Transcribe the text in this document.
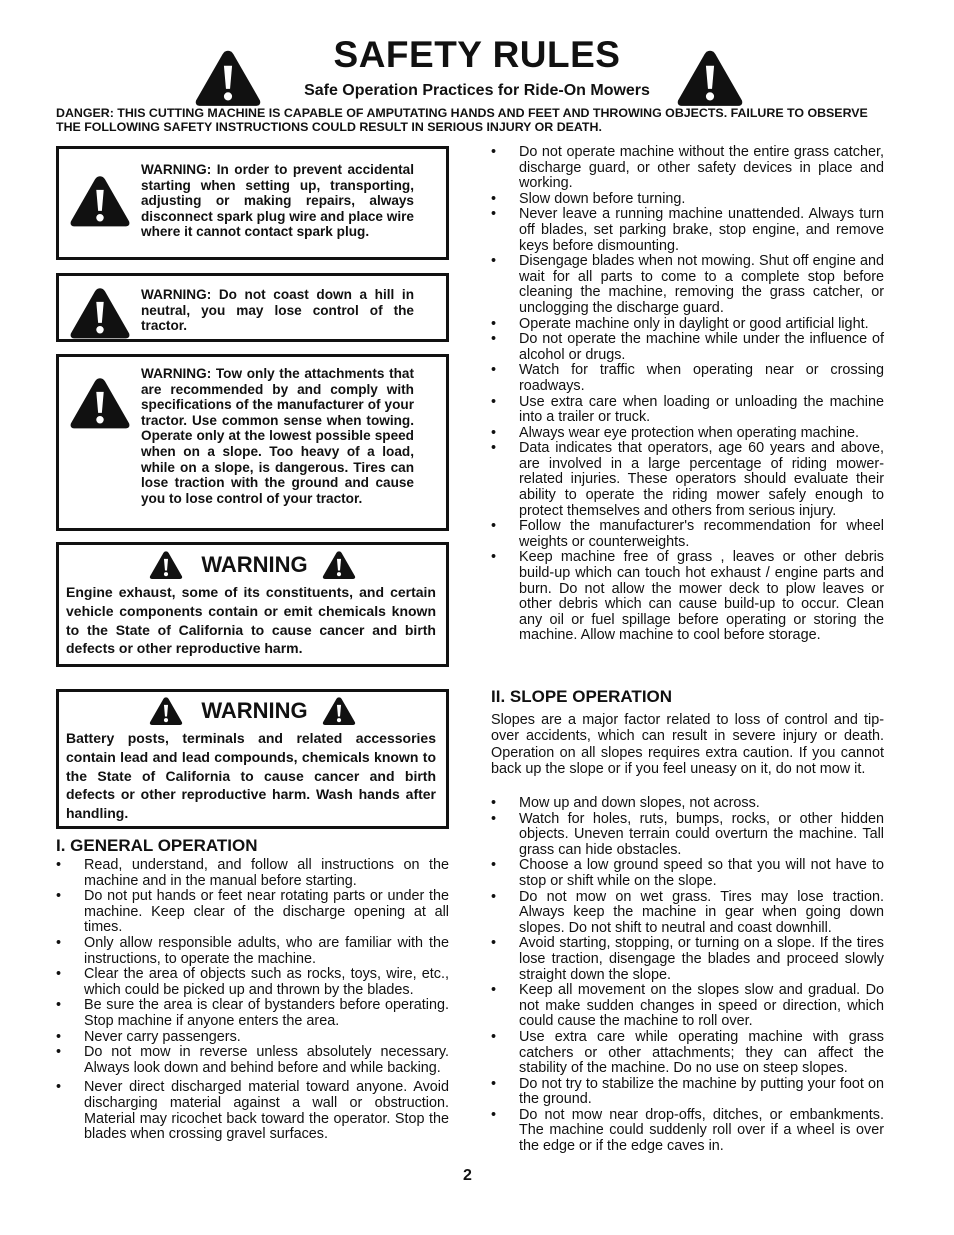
SAFETY RULES
Safe Operation Practices for Ride-On Mowers
DANGER: THIS CUTTING MACHINE IS CAPABLE OF AMPUTATING HANDS AND FEET AND THROWING OBJECTS. FAILURE TO OBSERVE THE FOLLOWING SAFETY INSTRUCTIONS COULD RESULT IN SERIOUS INJURY OR DEATH.
WARNING: In order to prevent accidental starting when setting up, transporting, adjusting or making repairs, always disconnect spark plug wire and place wire where it cannot contact spark plug.
WARNING: Do not coast down a hill in neutral, you may lose control of the tractor.
WARNING: Tow only the attachments that are recommended by and comply with specifications of the manufacturer of your tractor. Use common sense when towing. Operate only at the lowest possible speed when on a slope. Too heavy of a load, while on a slope, is dangerous. Tires can lose traction with the ground and cause you to lose control of your tractor.
WARNING
Engine exhaust, some of its constituents, and certain vehicle components contain or emit chemicals known to the State of California to cause cancer and birth defects or other reproductive harm.
WARNING
Battery posts, terminals and related accessories contain lead and lead compounds, chemicals known to the State of California to cause cancer and birth defects or other reproductive harm. Wash hands after handling.
I. GENERAL OPERATION
• Read, understand, and follow all instructions on the machine and in the manual before starting.
• Do not put hands or feet near rotating parts or under the machine. Keep clear of the discharge opening at all times.
• Only allow responsible adults, who are familiar with the instructions, to operate the machine.
• Clear the area of objects such as rocks, toys, wire, etc., which could be picked up and thrown by the blades.
• Be sure the area is clear of bystanders before operating. Stop machine if anyone enters the area.
• Never carry passengers.
• Do not mow in reverse unless absolutely necessary. Always look down and behind before and while backing.
• Never direct discharged material toward anyone. Avoid discharging material against a wall or obstruction. Material may ricochet back toward the operator. Stop the blades when crossing gravel surfaces.
• Do not operate machine without the entire grass catcher, discharge guard, or other safety devices in place and working.
• Slow down before turning.
• Never leave a running machine unattended. Always turn off blades, set parking brake, stop engine, and remove keys before dismounting.
• Disengage blades when not mowing. Shut off engine and wait for all parts to come to a complete stop before cleaning the machine, removing the grass catcher, or unclogging the discharge guard.
• Operate machine only in daylight or good artificial light.
• Do not operate the machine while under the influence of alcohol or drugs.
• Watch for traffic when operating near or crossing roadways.
• Use extra care when loading or unloading the machine into a trailer or truck.
• Always wear eye protection when operating machine.
• Data indicates that operators, age 60 years and above, are involved in a large percentage of riding mower-related injuries. These operators should evaluate their ability to operate the riding mower safely enough to protect themselves and others from serious injury.
• Follow the manufacturer's recommendation for wheel weights or counterweights.
• Keep machine free of grass , leaves or other debris build-up which can touch hot exhaust / engine parts and burn. Do not allow the mower deck to plow leaves or other debris which can cause build-up to occur. Clean any oil or fuel spillage before operating or storing the machine. Allow machine to cool before storage.
II. SLOPE OPERATION
Slopes are a major factor related to loss of control and tip-over accidents, which can result in severe injury or death. Operation on all slopes requires extra caution. If you cannot back up the slope or if you feel uneasy on it, do not mow it.
• Mow up and down slopes, not across.
• Watch for holes, ruts, bumps, rocks, or other hidden objects. Uneven terrain could overturn the machine. Tall grass can hide obstacles.
• Choose a low ground speed so that you will not have to stop or shift while on the slope.
• Do not mow on wet grass. Tires may lose traction. Always keep the machine in gear when going down slopes. Do not shift to neutral and coast downhill.
• Avoid starting, stopping, or turning on a slope. If the tires lose traction, disengage the blades and proceed slowly straight down the slope.
• Keep all movement on the slopes slow and gradual. Do not make sudden changes in speed or direction, which could cause the machine to roll over.
• Use extra care while operating machine with grass catchers or other attachments; they can affect the stability of the machine. Do no use on steep slopes.
• Do not try to stabilize the machine by putting your foot on the ground.
• Do not mow near drop-offs, ditches, or embankments. The machine could suddenly roll over if a wheel is over the edge or if the edge caves in.
2
